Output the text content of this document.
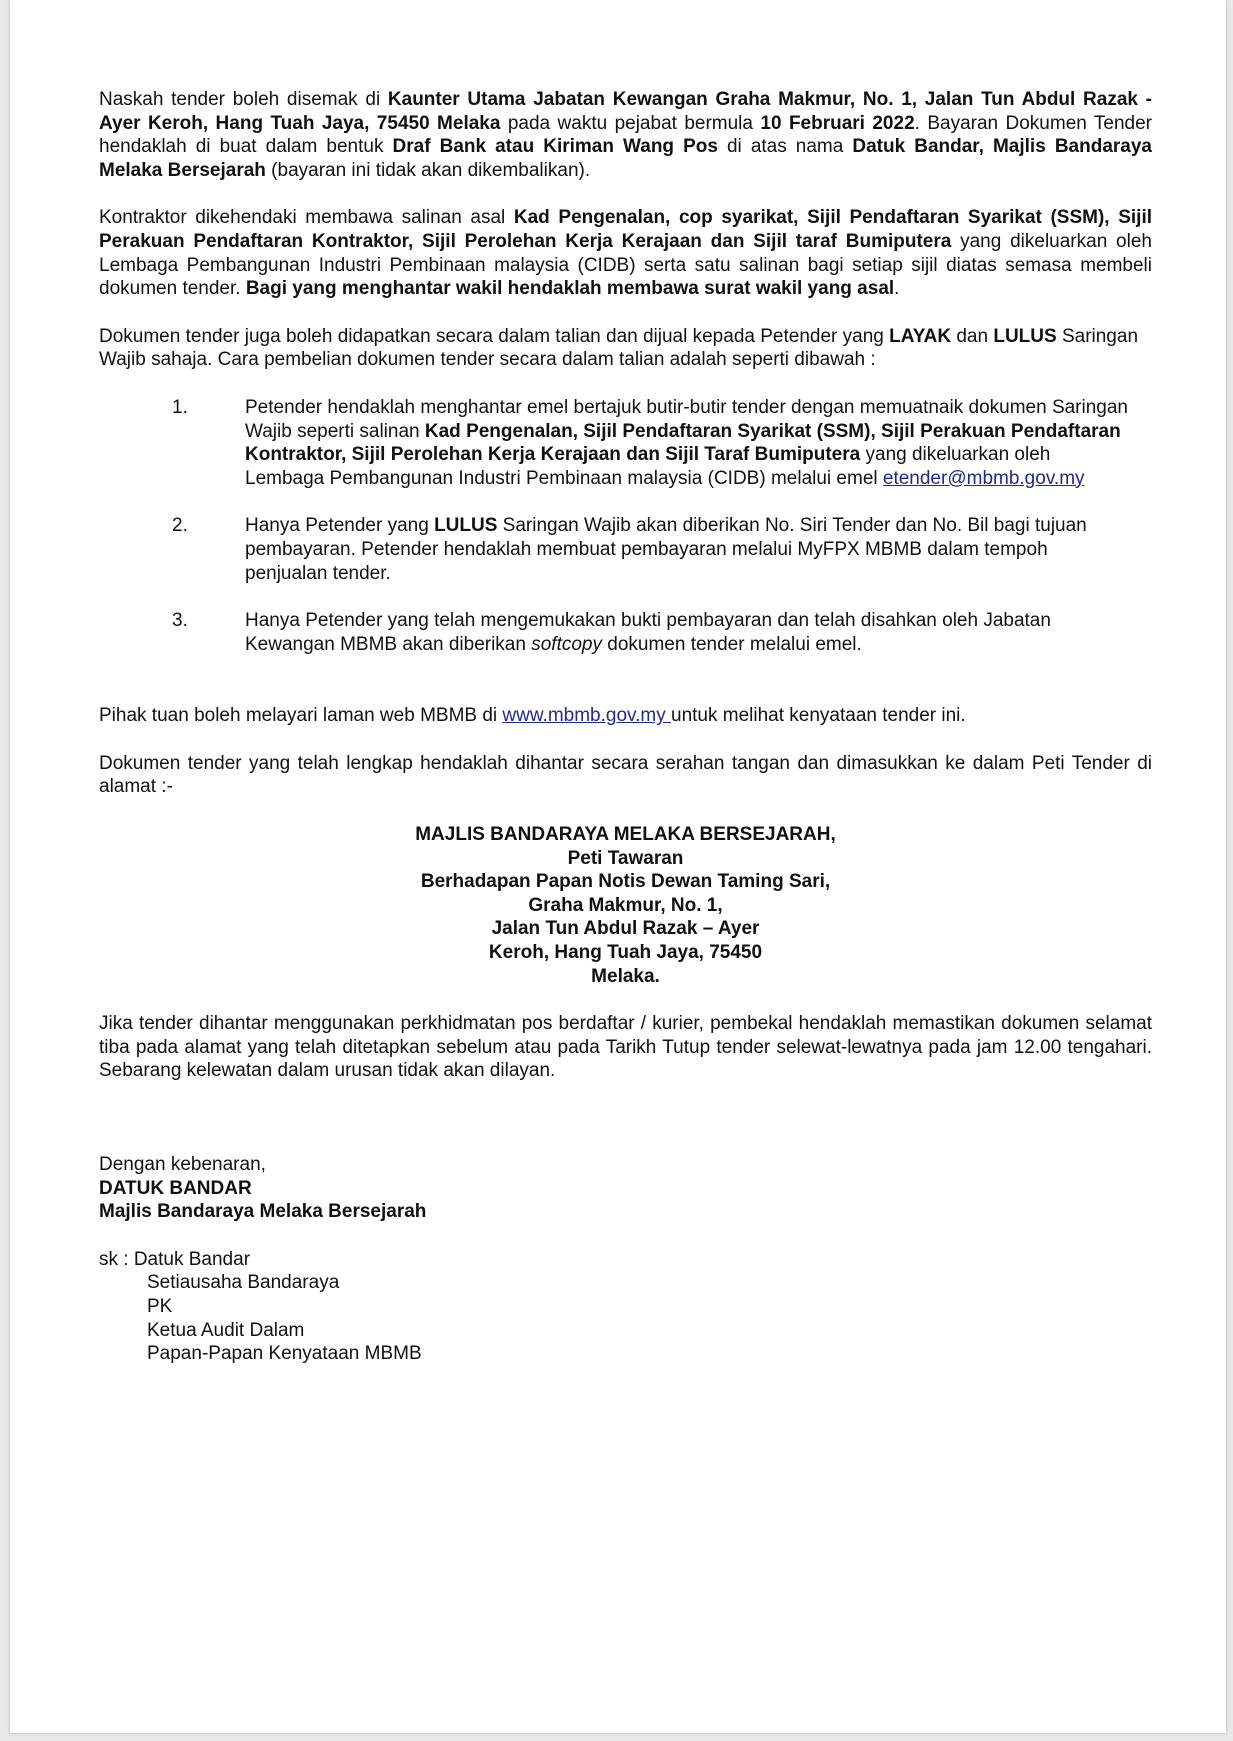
Naskah tender boleh disemak di Kaunter Utama Jabatan Kewangan Graha Makmur, No. 1, Jalan Tun Abdul Razak - Ayer Keroh, Hang Tuah Jaya, 75450 Melaka pada waktu pejabat bermula 10 Februari 2022. Bayaran Dokumen Tender hendaklah di buat dalam bentuk Draf Bank atau Kiriman Wang Pos di atas nama Datuk Bandar, Majlis Bandaraya Melaka Bersejarah (bayaran ini tidak akan dikembalikan).

Kontraktor dikehendaki membawa salinan asal Kad Pengenalan, cop syarikat, Sijil Pendaftaran Syarikat (SSM), Sijil Perakuan Pendaftaran Kontraktor, Sijil Perolehan Kerja Kerajaan dan Sijil taraf Bumiputera yang dikeluarkan oleh Lembaga Pembangunan Industri Pembinaan malaysia (CIDB) serta satu salinan bagi setiap sijil diatas semasa membeli dokumen tender. Bagi yang menghantar wakil hendaklah membawa surat wakil yang asal.

Dokumen tender juga boleh didapatkan secara dalam talian dan dijual kepada Petender yang LAYAK dan LULUS Saringan Wajib sahaja. Cara pembelian dokumen tender secara dalam talian adalah seperti dibawah :

1.	Petender hendaklah menghantar emel bertajuk butir-butir tender dengan memuatnaik dokumen Saringan Wajib seperti salinan Kad Pengenalan, Sijil Pendaftaran Syarikat (SSM), Sijil Perakuan Pendaftaran Kontraktor, Sijil Perolehan Kerja Kerajaan dan Sijil Taraf Bumiputera yang dikeluarkan oleh Lembaga Pembangunan Industri Pembinaan malaysia (CIDB) melalui emel etender@mbmb.gov.my
2.	Hanya Petender yang LULUS Saringan Wajib akan diberikan No. Siri Tender dan No. Bil bagi tujuan pembayaran. Petender hendaklah membuat pembayaran melalui MyFPX MBMB dalam tempoh penjualan tender.
3.	Hanya Petender yang telah mengemukakan bukti pembayaran dan telah disahkan oleh Jabatan Kewangan MBMB akan diberikan softcopy dokumen tender melalui emel.

Pihak tuan boleh melayari laman web MBMB di www.mbmb.gov.my untuk melihat kenyataan tender ini.

Dokumen tender yang telah lengkap hendaklah dihantar secara serahan tangan dan dimasukkan ke dalam Peti Tender di alamat :-

MAJLIS BANDARAYA MELAKA BERSEJARAH,
Peti Tawaran
Berhadapan Papan Notis Dewan Taming Sari,
Graha Makmur, No. 1,
Jalan Tun Abdul Razak – Ayer
Keroh, Hang Tuah Jaya, 75450
Melaka.

Jika tender dihantar menggunakan perkhidmatan pos berdaftar / kurier, pembekal hendaklah memastikan dokumen selamat tiba pada alamat yang telah ditetapkan sebelum atau pada Tarikh Tutup tender selewat-lewatnya pada jam 12.00 tengahari. Sebarang kelewatan dalam urusan tidak akan dilayan.

Dengan kebenaran,
DATUK BANDAR
Majlis Bandaraya Melaka Bersejarah
sk : Datuk Bandar
Setiausaha Bandaraya
PK
Ketua Audit Dalam
Papan-Papan Kenyataan MBMB
